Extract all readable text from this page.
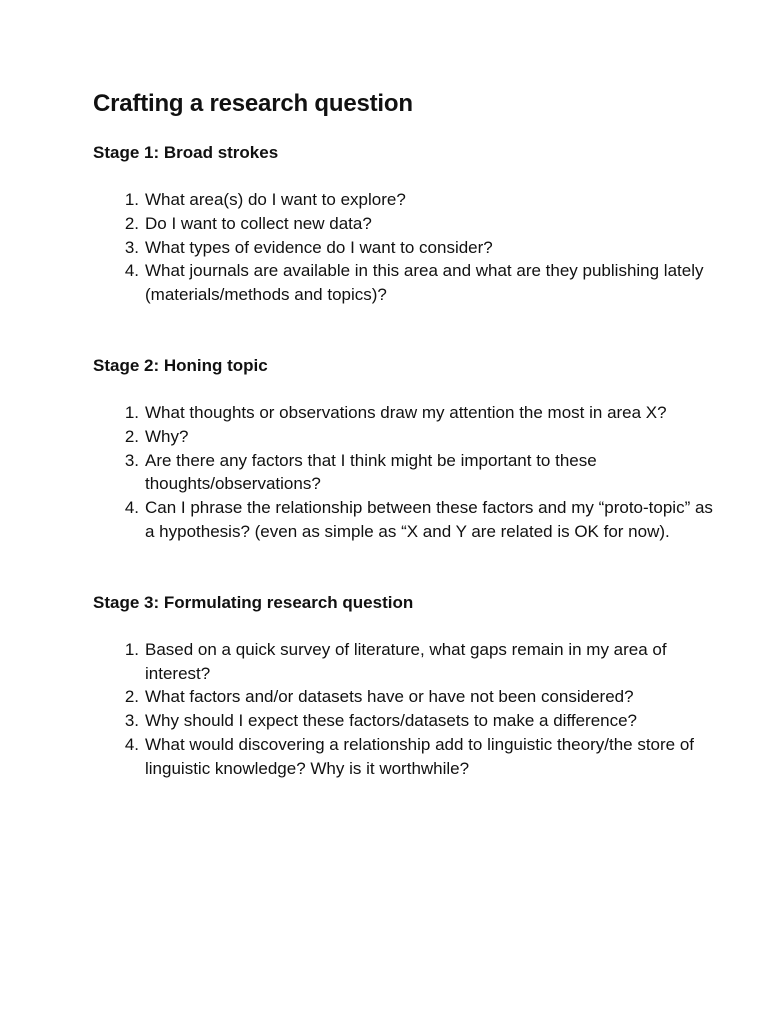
Crafting a research question
Stage 1: Broad strokes
1. What area(s) do I want to explore?
2. Do I want to collect new data?
3. What types of evidence do I want to consider?
4. What journals are available in this area and what are they publishing lately (materials/methods and topics)?
Stage 2: Honing topic
1. What thoughts or observations draw my attention the most in area X?
2. Why?
3. Are there any factors that I think might be important to these thoughts/observations?
4. Can I phrase the relationship between these factors and my “proto-topic” as a hypothesis? (even as simple as “X and Y are related is OK for now).
Stage 3: Formulating research question
1. Based on a quick survey of literature, what gaps remain in my area of interest?
2. What factors and/or datasets have or have not been considered?
3. Why should I expect these factors/datasets to make a difference?
4. What would discovering a relationship add to linguistic theory/the store of linguistic knowledge? Why is it worthwhile?
